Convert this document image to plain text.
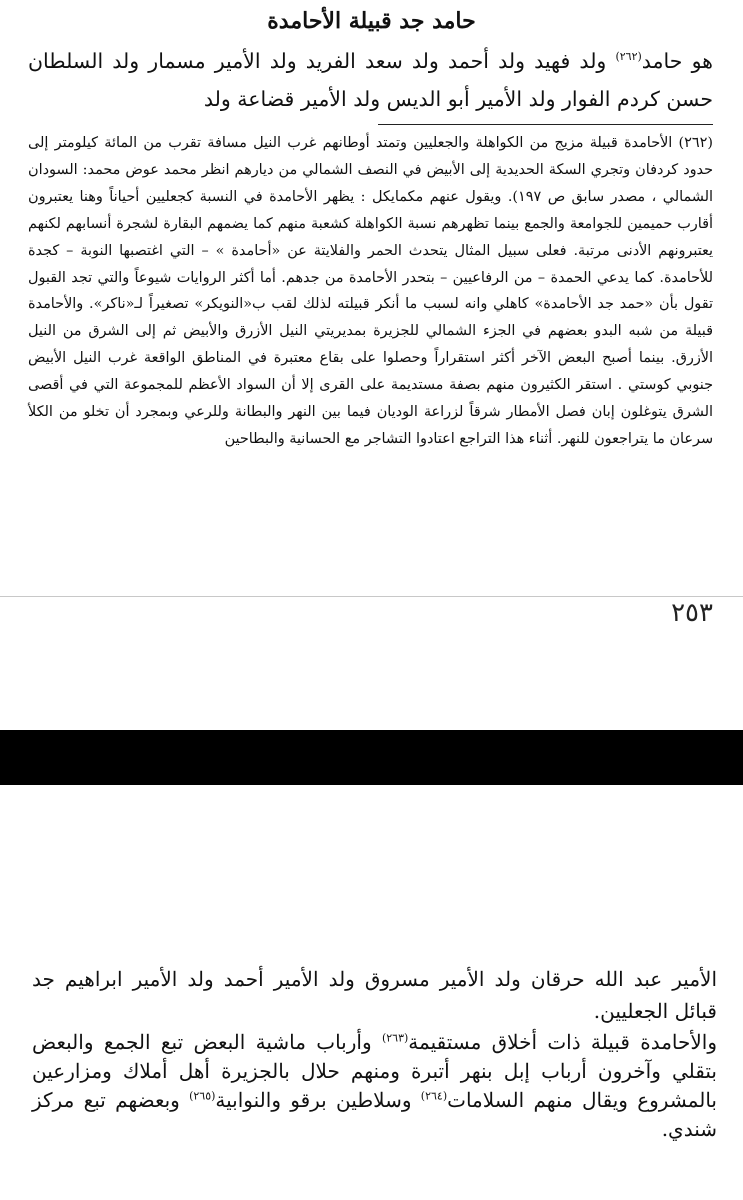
حامد جد قبيلة الأحامدة
هو حامد$^{(٢٦٢)}$ ولد فهيد ولد أحمد ولد سعد الفريد ولد الأمير مسمار ولد السلطان حسن كردم الفوار ولد الأمير أبو الديس ولد الأمير قضاعة ولد
(٢٦٢) الأحامدة قبيلة مزيج من الكواهلة والجعليين وتمتد أوطانهم غرب النيل مسافة تقرب من المائة كيلومتر إلى حدود كردفان وتجري السكة الحديدية إلى الأبيض في النصف الشمالي من ديارهم انظر محمد عوض محمد: السودان الشمالي ، مصدر سابق ص ١٩٧). ويقول عنهم مكمايكل : يظهر الأحامدة في النسبة كجعليين أحياناً وهنا يعتبرون أقارب حميمين للجوامعة والجمع بينما تظهرهم نسبة الكواهلة كشعبة منهم كما يضمهم البقارة لشجرة أنسابهم لكنهم يعتبرونهم الأدنى مرتبة. فعلى سبيل المثال يتحدث الحمر والفلايتة عن «أحامدة » – التي اغتصبها النوبة – كجدة للأحامدة. كما يدعي الحمدة – من الرفاعيين – بتحدر الأحامدة من جدهم. أما أكثر الروايات شيوعاً والتي تجد القبول تقول بأن «حمد جد الأحامدة» كاهلي وانه لسبب ما أنكر قبيلته لذلك لقب ب«النويكر» تصغيراً لـ«ناكر». والأحامدة قبيلة من شبه البدو بعضهم في الجزء الشمالي للجزيرة بمديريتي النيل الأزرق والأبيض ثم إلى الشرق من النيل الأزرق. بينما أصبح البعض الآخر أكثر استقراراً وحصلوا على بقاع معتبرة في المناطق الواقعة غرب النيل الأبيض جنوبي كوستي . استقر الكثيرون منهم بصفة مستديمة على القرى إلا أن السواد الأعظم للمجموعة التي في أقصى الشرق يتوغلون إبان فصل الأمطار شرقاً لزراعة الوديان فيما بين النهر والبطانة وللرعي وبمجرد أن تخلو من الكلأ سرعان ما يتراجعون للنهر. أثناء هذا التراجع اعتادوا التشاجر مع الحسانية والبطاحين
٢٥٣
الأمير عبد الله حرقان ولد الأمير مسروق ولد الأمير أحمد ولد الأمير ابراهيم جد قبائل الجعليين.
والأحامدة قبيلة ذات أخلاق مستقيمة$^{(٢٦٣)}$ وأرباب ماشية البعض تبع الجمع والبعض بتقلي وآخرون أرباب إبل بنهر أتبرة ومنهم حلال بالجزيرة أهل أملاك ومزارعين بالمشروع ويقال منهم السلامات$^{(٢٦٤)}$ وسلاطين برقو والنوابية$^{(٢٦٥)}$ وبعضهم تبع مركز شندي.
